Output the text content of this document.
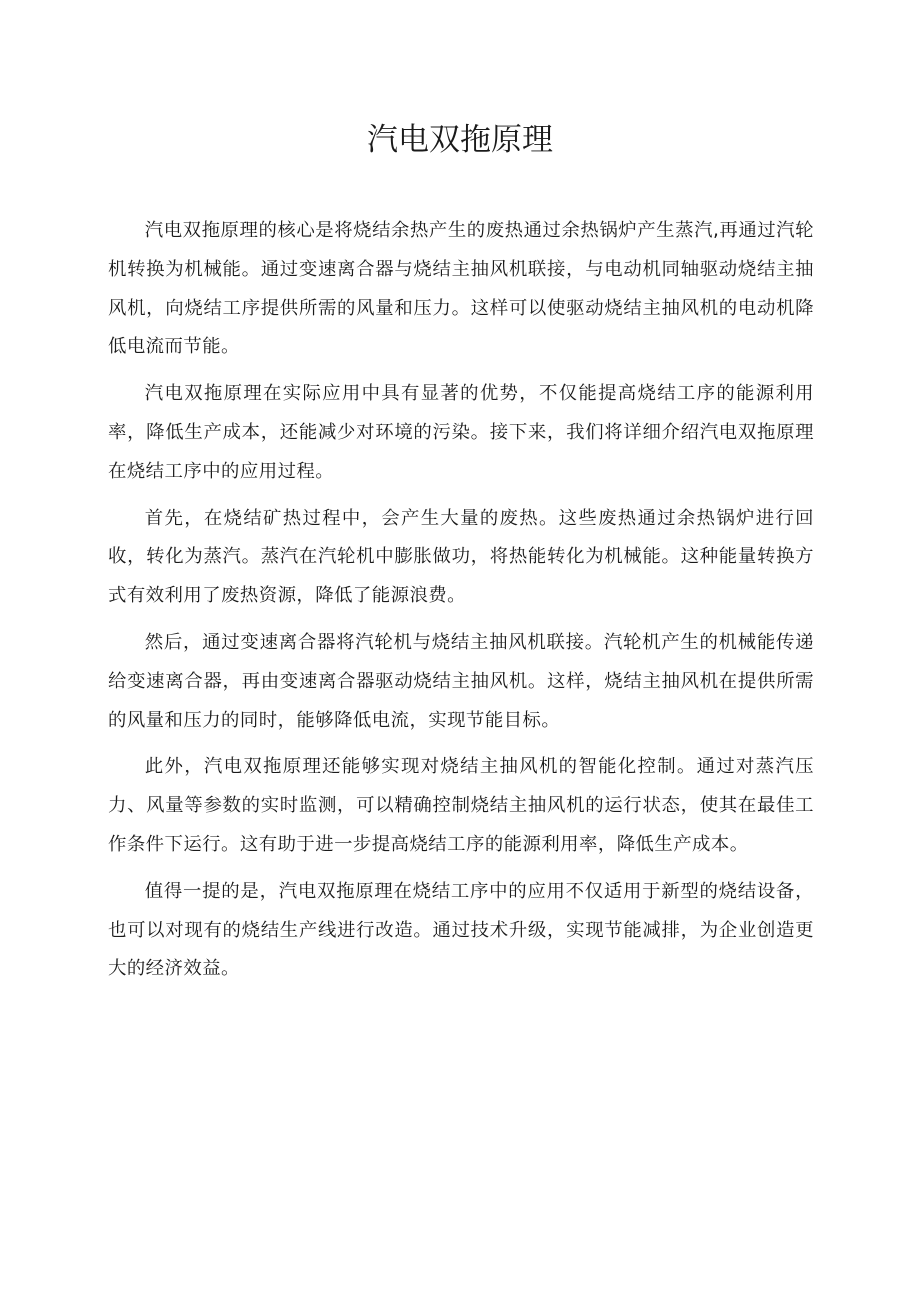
汽电双拖原理

汽电双拖原理的核心是将烧结余热产生的废热通过余热锅炉产生蒸汽,再通过汽轮机转换为机械能。通过变速离合器与烧结主抽风机联接，与电动机同轴驱动烧结主抽风机，向烧结工序提供所需的风量和压力。这样可以使驱动烧结主抽风机的电动机降低电流而节能。

汽电双拖原理在实际应用中具有显著的优势，不仅能提高烧结工序的能源利用率，降低生产成本，还能减少对环境的污染。接下来，我们将详细介绍汽电双拖原理在烧结工序中的应用过程。

首先，在烧结矿热过程中，会产生大量的废热。这些废热通过余热锅炉进行回收，转化为蒸汽。蒸汽在汽轮机中膨胀做功，将热能转化为机械能。这种能量转换方式有效利用了废热资源，降低了能源浪费。

然后，通过变速离合器将汽轮机与烧结主抽风机联接。汽轮机产生的机械能传递给变速离合器，再由变速离合器驱动烧结主抽风机。这样，烧结主抽风机在提供所需的风量和压力的同时，能够降低电流，实现节能目标。

此外，汽电双拖原理还能够实现对烧结主抽风机的智能化控制。通过对蒸汽压力、风量等参数的实时监测，可以精确控制烧结主抽风机的运行状态，使其在最佳工作条件下运行。这有助于进一步提高烧结工序的能源利用率，降低生产成本。

值得一提的是，汽电双拖原理在烧结工序中的应用不仅适用于新型的烧结设备，也可以对现有的烧结生产线进行改造。通过技术升级，实现节能减排，为企业创造更大的经济效益。
